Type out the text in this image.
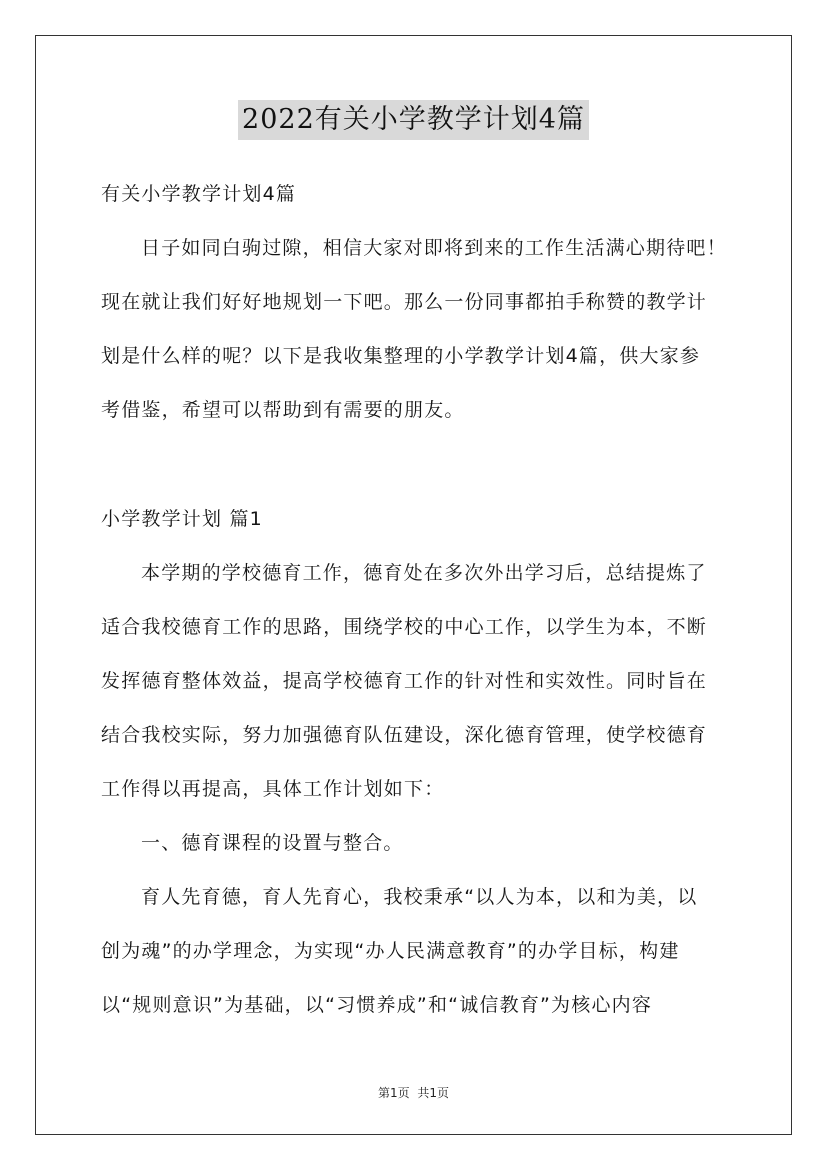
2022有关小学教学计划4篇
有关小学教学计划4篇
日子如同白驹过隙，相信大家对即将到来的工作生活满心期待吧！
现在就让我们好好地规划一下吧。那么一份同事都拍手称赞的教学计
划是什么样的呢？以下是我收集整理的小学教学计划4篇，供大家参
考借鉴，希望可以帮助到有需要的朋友。
小学教学计划 篇1
本学期的学校德育工作，德育处在多次外出学习后，总结提炼了
适合我校德育工作的思路，围绕学校的中心工作，以学生为本，不断
发挥德育整体效益，提高学校德育工作的针对性和实效性。同时旨在
结合我校实际，努力加强德育队伍建设，深化德育管理，使学校德育
工作得以再提高，具体工作计划如下：
一、德育课程的设置与整合。
育人先育德，育人先育心，我校秉承“以人为本，以和为美，以
创为魂”的办学理念，为实现“办人民满意教育”的办学目标，构建
以“规则意识”为基础，以“习惯养成”和“诚信教育”为核心内容
第1页 共1页
